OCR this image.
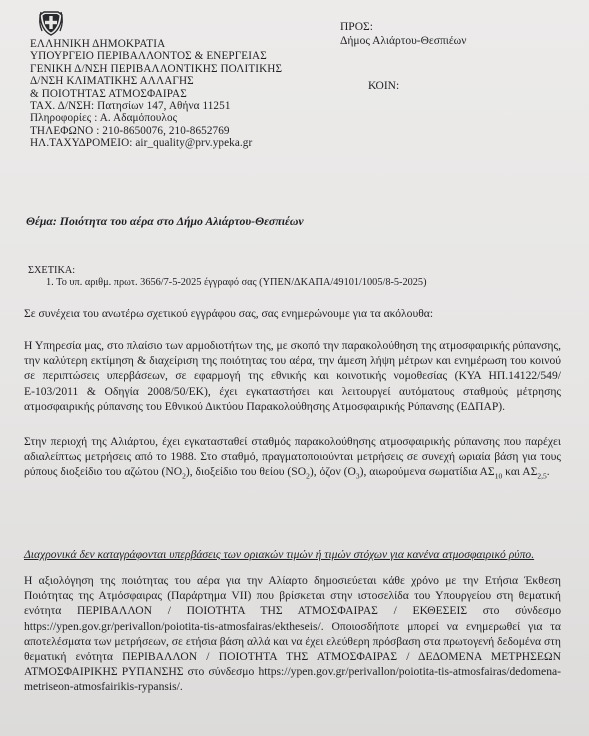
ΕΛΛΗΝΙΚΗ ΔΗΜΟΚΡΑΤΙΑ
ΥΠΟΥΡΓΕΙΟ ΠΕΡΙΒΑΛΛΟΝΤΟΣ & ΕΝΕΡΓΕΙΑΣ
ΓΕΝΙΚΗ Δ/ΝΣΗ ΠΕΡΙΒΑΛΛΟΝΤΙΚΗΣ ΠΟΛΙΤΙΚΗΣ
Δ/ΝΣΗ ΚΛΙΜΑΤΙΚΗΣ ΑΛΛΑΓΗΣ
& ΠΟΙΟΤΗΤΑΣ ΑΤΜΟΣΦΑΙΡΑΣ
ΤΑΧ. Δ/ΝΣΗ: Πατησίων 147, Αθήνα 11251
Πληροφορίες : Α. Αδαμόπουλος
ΤΗΛΕΦΩΝΟ : 210-8650076, 210-8652769
ΗΛ.ΤΑΧΥΔΡΟΜΕΙΟ: air_quality@prv.ypeka.gr
ΠΡΟΣ:
Δήμος Αλιάρτου-Θεσπιέων
ΚΟΙΝ:
Θέμα: Ποιότητα του αέρα στο Δήμο Αλιάρτου-Θεσπιέων
ΣΧΕΤΙΚΑ:
1. Το υπ. αριθμ. πρωτ. 3656/7-5-2025 έγγραφό σας (ΥΠΕΝ/ΔΚΑΠΑ/49101/1005/8-5-2025)
Σε συνέχεια του ανωτέρω σχετικού εγγράφου σας, σας ενημερώνουμε για τα ακόλουθα:
Η Υπηρεσία μας, στο πλαίσιο των αρμοδιοτήτων της, με σκοπό την παρακολούθηση της ατμοσφαιρικής ρύπανσης, την καλύτερη εκτίμηση & διαχείριση της ποιότητας του αέρα, την άμεση λήψη μέτρων και ενημέρωση του κοινού σε περιπτώσεις υπερβάσεων, σε εφαρμογή της εθνικής και κοινοτικής νομοθεσίας (ΚΥΑ ΗΠ.14122/549/Ε-103/2011 & Οδηγία 2008/50/ΕΚ), έχει εγκαταστήσει και λειτουργεί αυτόματους σταθμούς μέτρησης ατμοσφαιρικής ρύπανσης του Εθνικού Δικτύου Παρακολούθησης Ατμοσφαιρικής Ρύπανσης (ΕΔΠΑΡ).
Στην περιοχή της Αλιάρτου, έχει εγκατασταθεί σταθμός παρακολούθησης ατμοσφαιρικής ρύπανσης που παρέχει αδιαλείπτως μετρήσεις από το 1988. Στο σταθμό, πραγματοποιούνται μετρήσεις σε συνεχή ωριαία βάση για τους ρύπους διοξείδιο του αζώτου $(NO_2)$, διοξείδιο του θείου $(SO_2)$, όζον $(O_3)$, αιωρούμενα σωματίδια $A\Sigma_{10}$ και $A\Sigma_{2,5}$.
Διαχρονικά δεν καταγράφονται υπερβάσεις των οριακών τιμών ή τιμών στόχων για κανένα ατμοσφαιρικό ρύπο.
Η αξιολόγηση της ποιότητας του αέρα για την Αλίαρτο δημοσιεύεται κάθε χρόνο με την Ετήσια Έκθεση Ποιότητας της Ατμόσφαιρας (Παράρτημα VII) που βρίσκεται στην ιστοσελίδα του Υπουργείου στη θεματική ενότητα ΠΕΡΙΒΑΛΛΟΝ / ΠΟΙΟΤΗΤΑ ΤΗΣ ΑΤΜΟΣΦΑΙΡΑΣ / ΕΚΘΕΣΕΙΣ στο σύνδεσμο https://ypen.gov.gr/perivallon/poiotita-tis-atmosfairas/ektheseis/. Οποιοσδήποτε μπορεί να ενημερωθεί για τα αποτελέσματα των μετρήσεων, σε ετήσια βάση αλλά και να έχει ελεύθερη πρόσβαση στα πρωτογενή δεδομένα στη θεματική ενότητα ΠΕΡΙΒΑΛΛΟΝ / ΠΟΙΟΤΗΤΑ ΤΗΣ ΑΤΜΟΣΦΑΙΡΑΣ / ΔΕΔΟΜΕΝΑ ΜΕΤΡΗΣΕΩΝ ΑΤΜΟΣΦΑΙΡΙΚΗΣ ΡΥΠΑΝΣΗΣ στο σύνδεσμο https://ypen.gov.gr/perivallon/poiotita-tis-atmosfairas/dedomena-metriseon-atmosfairikis-rypansis/.
